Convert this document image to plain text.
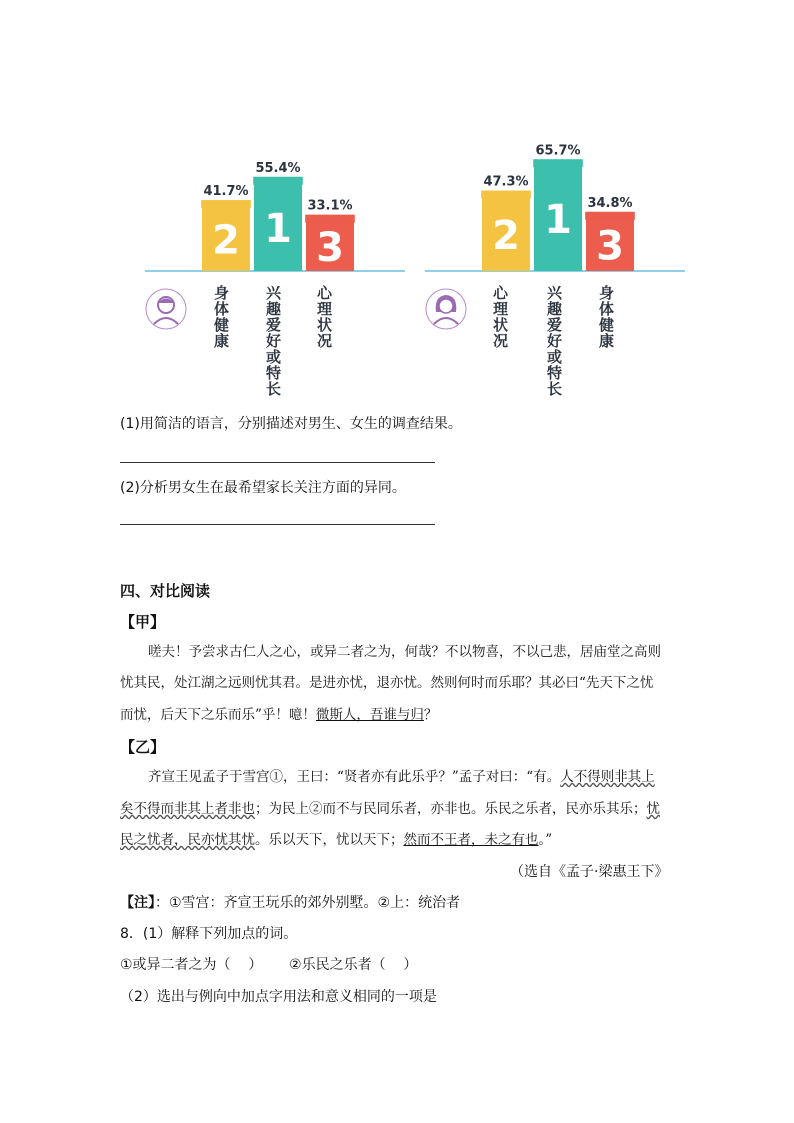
2
41.7%
1
55.4%
3
33.1%
身体健康 兴趣爱好或特长 心理状况
2
47.3%
1
65.7%
3
34.8%
心理状况 兴趣爱好或特长 身体健康
(1)用简洁的语言，分别描述对男生、女生的调查结果。
(2)分析男女生在最希望家长关注方面的异同。
四、对比阅读
【甲】
嗟夫！予尝求古仁人之心，或异二者之为，何哉？不以物喜，不以己悲，居庙堂之高则
忧其民，处江湖之远则忧其君。是进亦忧，退亦忧。然则何时而乐耶？其必曰“先天下之忧
而忧，后天下之乐而乐”乎！噫！微斯人，吾谁与归？
【乙】
齐宣王见孟子于雪宫①，王曰：“贤者亦有此乐乎？”孟子对曰：“有。人不得则非其上
矣不得而非其上者非也；为民上②而不与民同乐者，亦非也。乐民之乐者，民亦乐其乐；忧
民之忧者，民亦忧其忧。乐以天下，忧以天下；然而不王者，未之有也。”
（选自《孟子·梁惠王下》
【注】：①雪宫：齐宣王玩乐的郊外别墅。②上：统治者
8．(1）解释下列加点的词。
①或异二者之为（    ）      ②乐民之乐者（    ）
（2）选出与例向中加点字用法和意义相同的一项是
